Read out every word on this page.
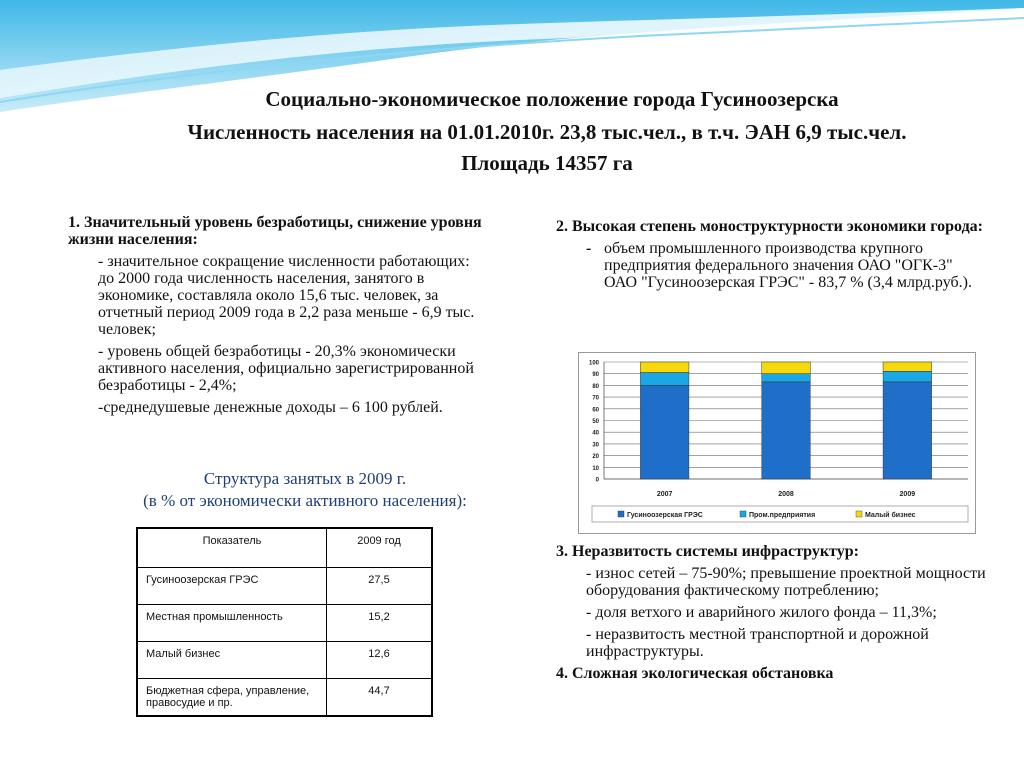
Социально-экономическое положение города Гусиноозерска
Численность населения на 01.01.2010г. 23,8 тыс.чел., в т.ч. ЭАН 6,9 тыс.чел.
Площадь 14357 га
1. Значительный уровень безработицы, снижение уровня жизни населения:
- значительное сокращение численности работающих: до 2000 года численность населения, занятого в экономике, составляла около 15,6 тыс. человек, за отчетный период 2009 года в 2,2 раза меньше - 6,9 тыс. человек;
- уровень общей безработицы - 20,3% экономически активного населения, официально зарегистрированной безработицы - 2,4%;
-среднедушевые денежные доходы – 6 100 рублей.
Структура занятых в 2009 г.
(в % от экономически активного населения):
Показатель	2009 год
Гусиноозерская ГРЭС	27,5
Местная промышленность	15,2
Малый бизнес	12,6
Бюджетная сфера, управление, правосудие и пр.	44,7
2. Высокая степень моноструктурности экономики города:
- объем промышленного производства крупного предприятия федерального значения ОАО "ОГК-3" ОАО "Гусиноозерская ГРЭС" - 83,7 % (3,4 млрд.руб.).
0
10
20
30
40
50
60
70
80
90
100
2007	2008	2009
Гусиноозерская ГРЭС	Пром.предприятия	Малый бизнес
3. Неразвитость системы инфраструктур:
- износ сетей – 75-90%; превышение проектной мощности оборудования фактическому потреблению;
- доля ветхого и аварийного жилого фонда – 11,3%;
- неразвитость местной транспортной и дорожной инфраструктуры.
4. Сложная экологическая обстановка
